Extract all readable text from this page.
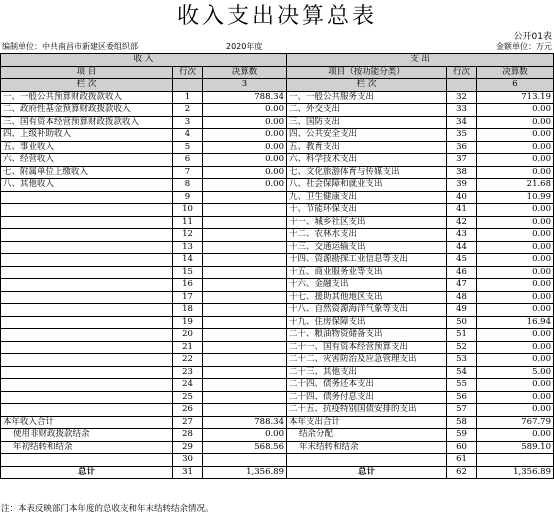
收入支出决算总表
公开01表
编制单位：中共南昌市新建区委组织部	2020年度	金额单位：万元
收 入			支 出		
项 目	行次	决算数	项目（按功能分类）	行次	决算数
栏 次		3	栏 次		6
一、一般公共预算财政拨款收入	1	788.34	一、一般公共服务支出	32	713.19
二、政府性基金预算财政拨款收入	2	0.00	二、外交支出	33	0.00
三、国有资本经营预算财政拨款收入	3	0.00	三、国防支出	34	0.00
四、上级补助收入	4	0.00	四、公共安全支出	35	0.00
五、事业收入	5	0.00	五、教育支出	36	0.00
六、经营收入	6	0.00	六、科学技术支出	37	0.00
七、附属单位上缴收入	7	0.00	七、文化旅游体育与传媒支出	38	0.00
八、其他收入	8	0.00	八、社会保障和就业支出	39	21.68
	9		九、卫生健康支出	40	10.99
	10		十、节能环保支出	41	0.00
	11		十一、城乡社区支出	42	0.00
	12		十二、农林水支出	43	0.00
	13		十三、交通运输支出	44	0.00
	14		十四、资源勘探工业信息等支出	45	0.00
	15		十五、商业服务业等支出	46	0.00
	16		十六、金融支出	47	0.00
	17		十七、援助其他地区支出	48	0.00
	18		十八、自然资源海洋气象等支出	49	0.00
	19		十九、住房保障支出	50	16.94
	20		二十、粮油物资储备支出	51	0.00
	21		二十一、国有资本经营预算支出	52	0.00
	22		二十二、灾害防治及应急管理支出	53	0.00
	23		二十三、其他支出	54	5.00
	24		二十四、债务还本支出	55	0.00
	25		二十四、债务付息支出	56	0.00
	26		二十五、抗疫特别国债安排的支出	57	0.00
本年收入合计	27	788.34	本年支出合计	58	767.79
使用非财政拨款结余	28	0.00	结余分配	59	0.00
年初结转和结余	29	568.56	年末结转和结余	60	589.10
	30			61	
总计	31	1,356.89	总计	62	1,356.89
注：本表反映部门本年度的总收支和年末结转结余情况。
